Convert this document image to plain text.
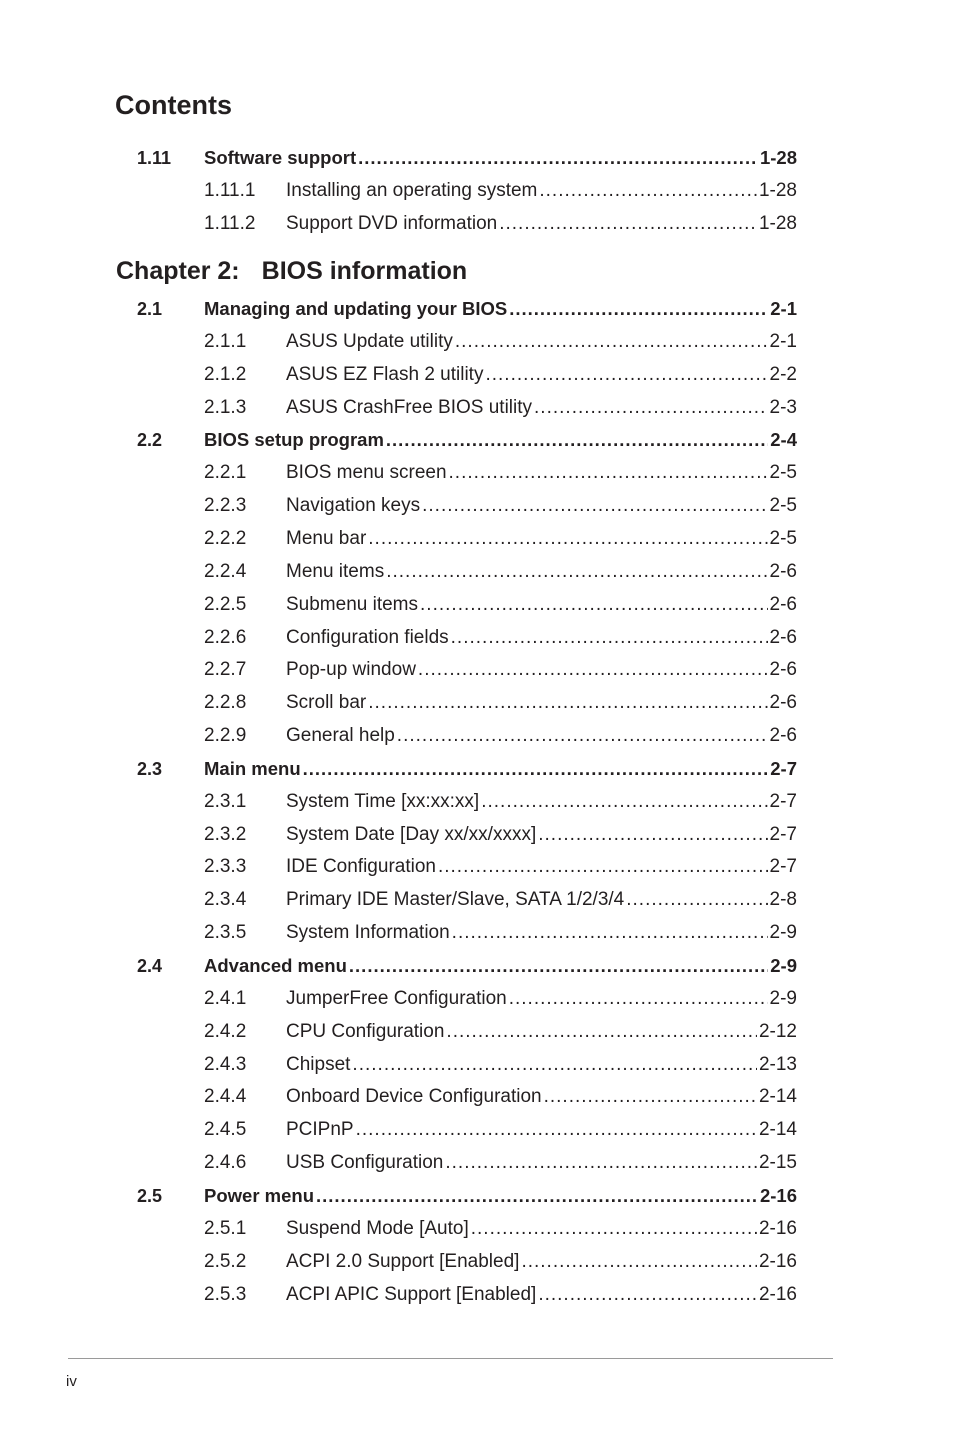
Contents
1.11 Software support .....	1-28
1.11.1 Installing an operating system .....	1-28
1.11.2 Support DVD information .....	1-28
Chapter 2: BIOS information
2.1 Managing and updating your BIOS .....	2-1
2.1.1 ASUS Update utility .....	2-1
2.1.2 ASUS EZ Flash 2 utility .....	2-2
2.1.3 ASUS CrashFree BIOS utility .....	2-3
2.2 BIOS setup program .....	2-4
2.2.1 BIOS menu screen .....	2-5
2.2.3 Navigation keys .....	2-5
2.2.2 Menu bar .....	2-5
2.2.4 Menu items .....	2-6
2.2.5 Submenu items .....	2-6
2.2.6 Configuration fields .....	2-6
2.2.7 Pop-up window .....	2-6
2.2.8 Scroll bar .....	2-6
2.2.9 General help .....	2-6
2.3 Main menu .....	2-7
2.3.1 System Time [xx:xx:xx] .....	2-7
2.3.2 System Date [Day xx/xx/xxxx] .....	2-7
2.3.3 IDE Configuration .....	2-7
2.3.4 Primary IDE Master/Slave, SATA 1/2/3/4 .....	2-8
2.3.5 System Information .....	2-9
2.4 Advanced menu .....	2-9
2.4.1 JumperFree Configuration .....	2-9
2.4.2 CPU Configuration .....	2-12
2.4.3 Chipset .....	2-13
2.4.4 Onboard Device Configuration .....	2-14
2.4.5 PCIPnP .....	2-14
2.4.6 USB Configuration .....	2-15
2.5 Power menu .....	2-16
2.5.1 Suspend Mode [Auto] .....	2-16
2.5.2 ACPI 2.0 Support [Enabled] .....	2-16
2.5.3 ACPI APIC Support [Enabled] .....	2-16
iv
